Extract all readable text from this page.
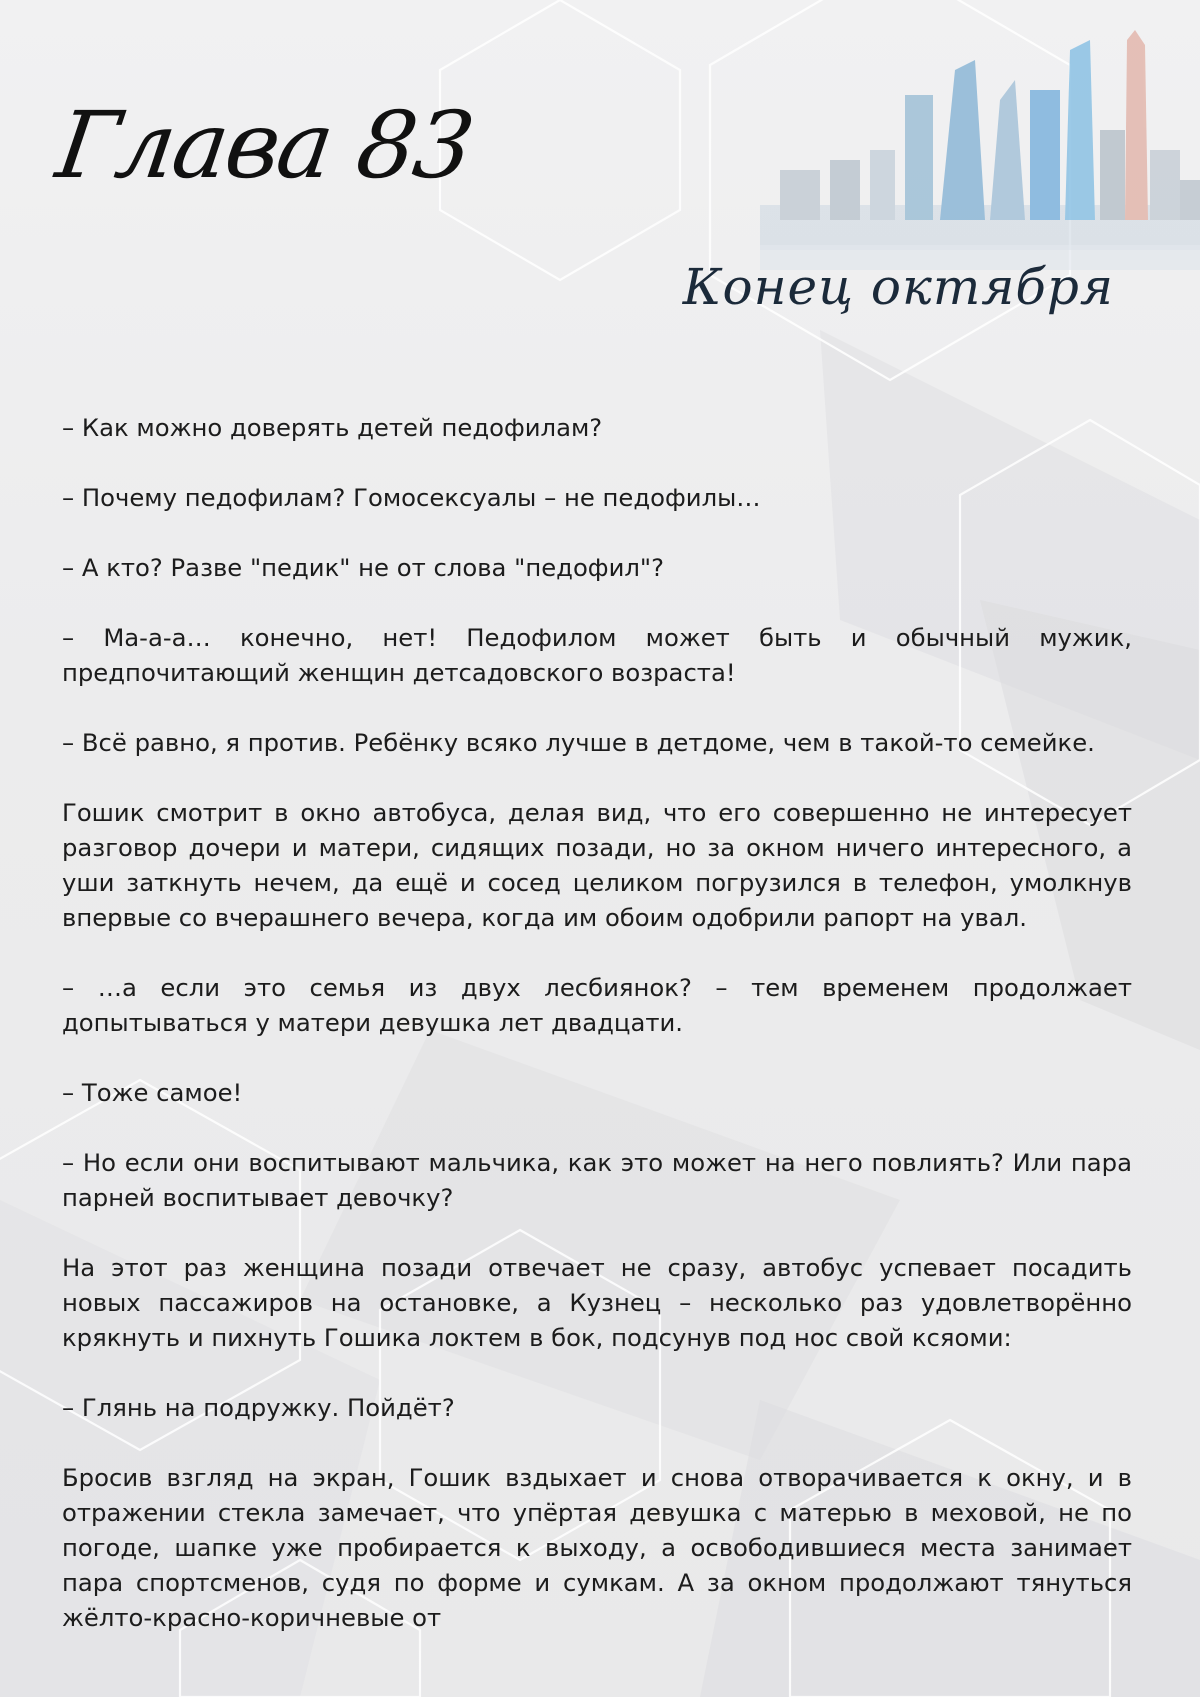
Глава 83
Конец октября

– Как можно доверять детей педофилам?

– Почему педофилам? Гомосексуалы – не педофилы…

– А кто? Разве "педик" не от слова "педофил"?

– Ма-а-а… конечно, нет! Педофилом может быть и обычный мужик, предпочитающий женщин детсадовского возраста!

– Всё равно, я против. Ребёнку всяко лучше в детдоме, чем в такой-то семейке.

Гошик смотрит в окно автобуса, делая вид, что его совершенно не интересует разговор дочери и матери, сидящих позади, но за окном ничего интересного, а уши заткнуть нечем, да ещё и сосед целиком погрузился в телефон, умолкнув впервые со вчерашнего вечера, когда им обоим одобрили рапорт на увал.

– …а если это семья из двух лесбиянок? – тем временем продолжает допытываться у матери девушка лет двадцати.

– Тоже самое!

– Но если они воспитывают мальчика, как это может на него повлиять? Или пара парней воспитывает девочку?

На этот раз женщина позади отвечает не сразу, автобус успевает посадить новых пассажиров на остановке, а Кузнец – несколько раз удовлетворённо крякнуть и пихнуть Гошика локтем в бок, подсунув под нос свой ксяоми:

– Глянь на подружку. Пойдёт?

Бросив взгляд на экран, Гошик вздыхает и снова отворачивается к окну, и в отражении стекла замечает, что упёртая девушка с матерью в меховой, не по погоде, шапке уже пробирается к выходу, а освободившиеся места занимает пара спортсменов, судя по форме и сумкам. А за окном продолжают тянуться жёлто-красно-коричневые от
